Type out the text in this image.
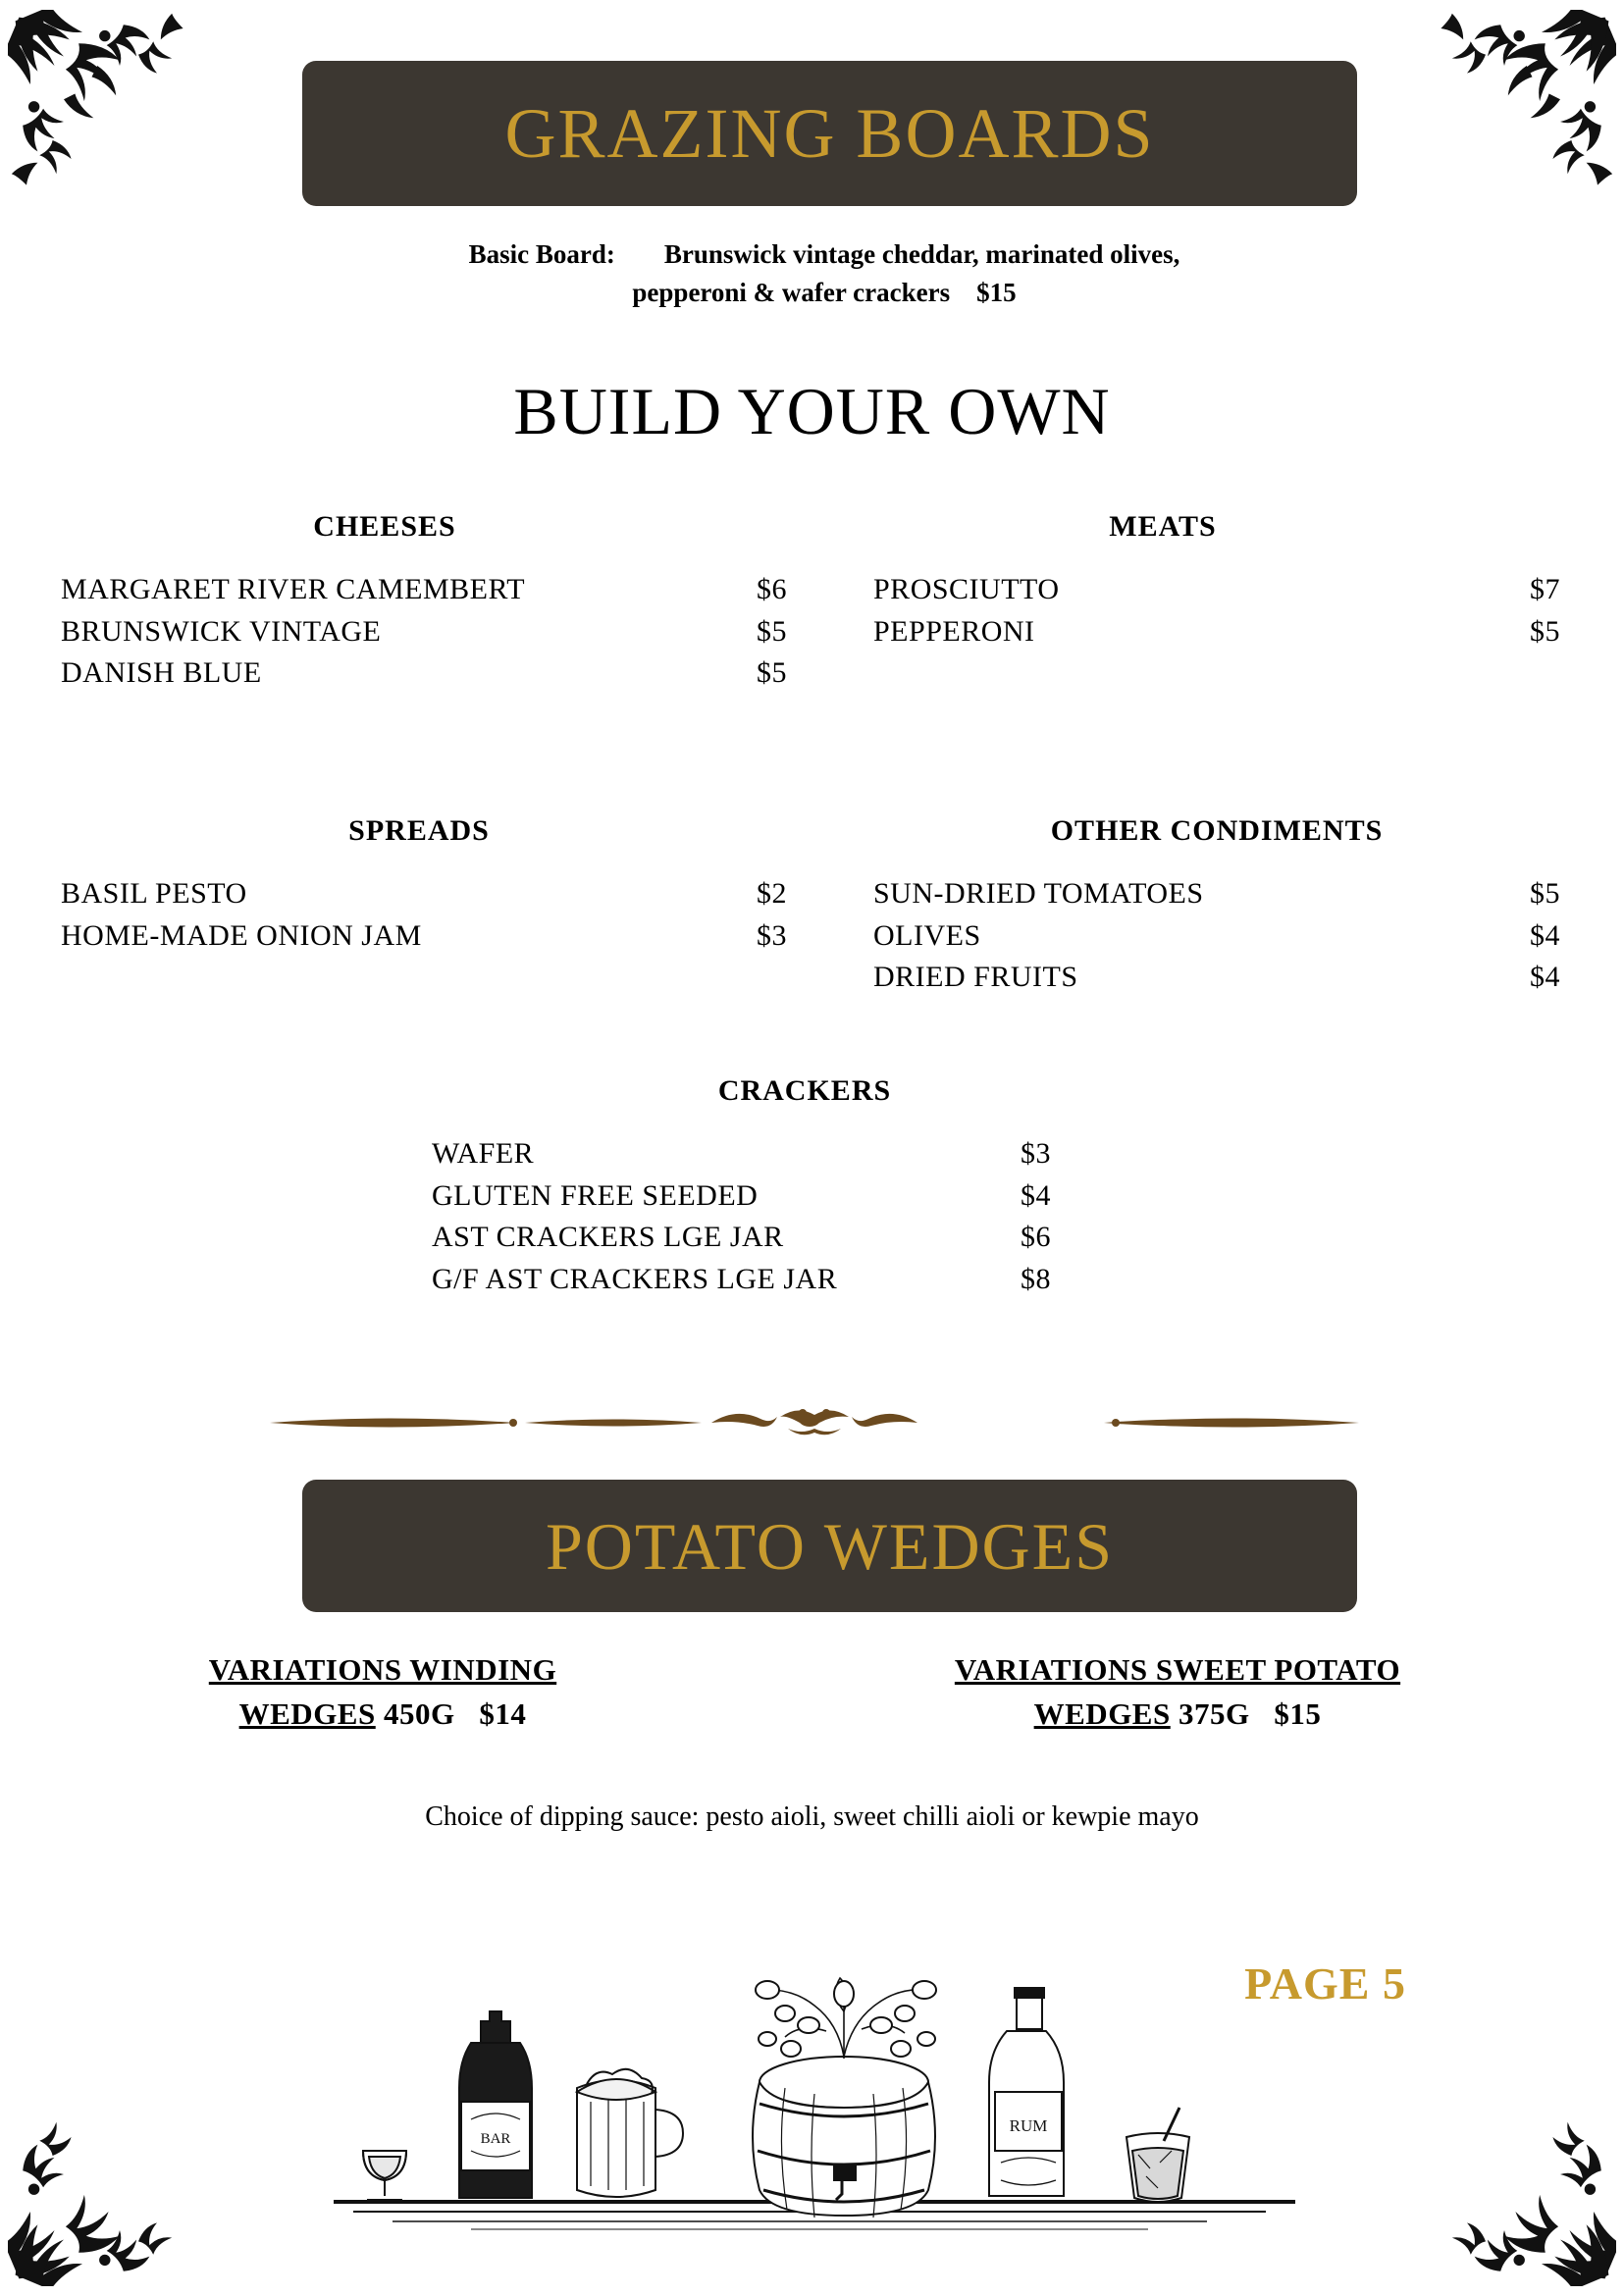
GRAZING BOARDS
Basic Board: Brunswick vintage cheddar, marinated olives,
pepperoni & wafer crackers $15
BUILD YOUR OWN
CHEESES
MARGARET RIVER CAMEMBERT	$6
BRUNSWICK VINTAGE	$5
DANISH BLUE	$5
MEATS
PROSCIUTTO	$7
PEPPERONI	$5
SPREADS
BASIL PESTO	$2
HOME-MADE ONION JAM	$3
OTHER CONDIMENTS
SUN-DRIED TOMATOES	$5
OLIVES	$4
DRIED FRUITS	$4
CRACKERS
WAFER	$3
GLUTEN FREE SEEDED	$4
AST CRACKERS LGE JAR	$6
G/F AST CRACKERS LGE JAR	$8
POTATO WEDGES
VARIATIONS WINDING
WEDGES 450G $14
VARIATIONS SWEET POTATO
WEDGES 375G $15
Choice of dipping sauce: pesto aioli, sweet chilli aioli or kewpie mayo
PAGE 5
BAR
RUM
